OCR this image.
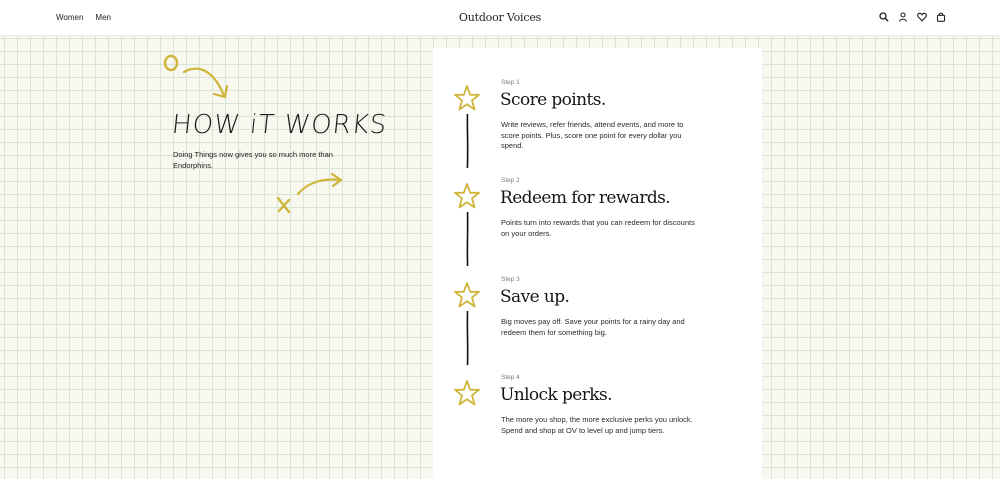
Women Men	Outdoor Voices
HOW iT WORKS
Doing Things now gives you so much more than Endorphins.
Step 1
Score points.
Write reviews, refer friends, attend events, and more to score points. Plus, score one point for every dollar you spend.
Step 2
Redeem for rewards.
Points turn into rewards that you can redeem for discounts on your orders.
Step 3
Save up.
Big moves pay off. Save your points for a rainy day and redeem them for something big.
Step 4
Unlock perks.
The more you shop, the more exclusive perks you unlock. Spend and shop at OV to level up and jump tiers.
